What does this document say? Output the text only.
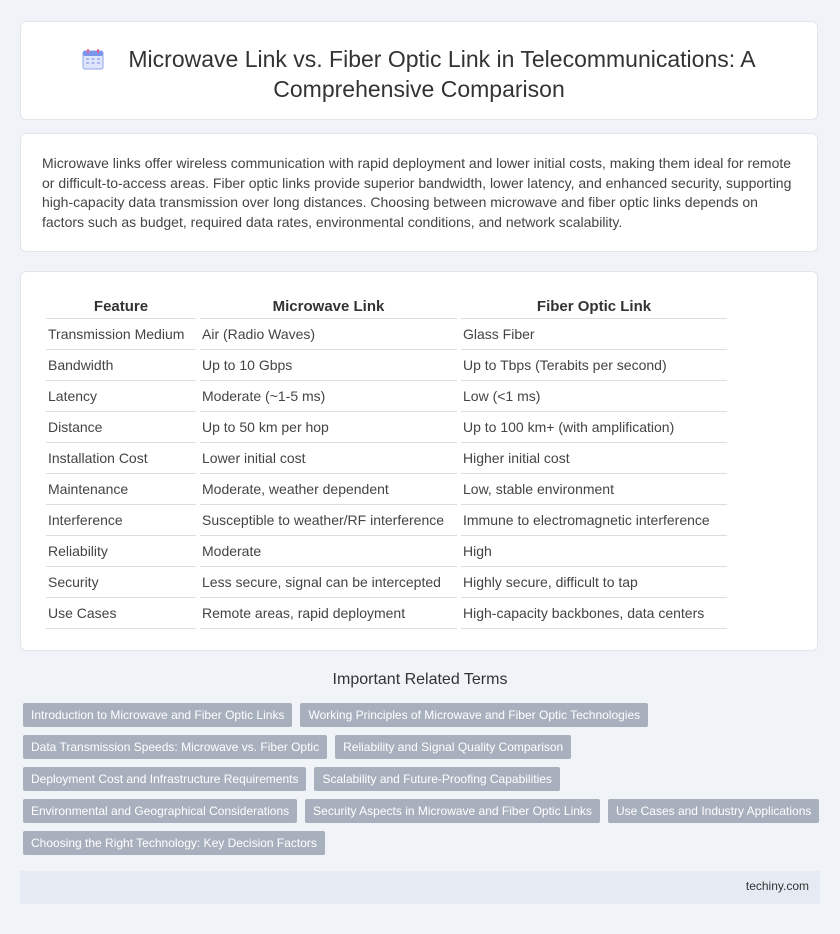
Microwave Link vs. Fiber Optic Link in Telecommunications: A Comprehensive Comparison
Microwave links offer wireless communication with rapid deployment and lower initial costs, making them ideal for remote or difficult-to-access areas. Fiber optic links provide superior bandwidth, lower latency, and enhanced security, supporting high-capacity data transmission over long distances. Choosing between microwave and fiber optic links depends on factors such as budget, required data rates, environmental conditions, and network scalability.
Feature	Microwave Link	Fiber Optic Link
Transmission Medium	Air (Radio Waves)	Glass Fiber
Bandwidth	Up to 10 Gbps	Up to Tbps (Terabits per second)
Latency	Moderate (~1-5 ms)	Low (<1 ms)
Distance	Up to 50 km per hop	Up to 100 km+ (with amplification)
Installation Cost	Lower initial cost	Higher initial cost
Maintenance	Moderate, weather dependent	Low, stable environment
Interference	Susceptible to weather/RF interference	Immune to electromagnetic interference
Reliability	Moderate	High
Security	Less secure, signal can be intercepted	Highly secure, difficult to tap
Use Cases	Remote areas, rapid deployment	High-capacity backbones, data centers
Important Related Terms
Introduction to Microwave and Fiber Optic Links	Working Principles of Microwave and Fiber Optic Technologies
Data Transmission Speeds: Microwave vs. Fiber Optic	Reliability and Signal Quality Comparison
Deployment Cost and Infrastructure Requirements	Scalability and Future-Proofing Capabilities
Environmental and Geographical Considerations	Security Aspects in Microwave and Fiber Optic Links	Use Cases and Industry Applications
Choosing the Right Technology: Key Decision Factors
techiny.com
